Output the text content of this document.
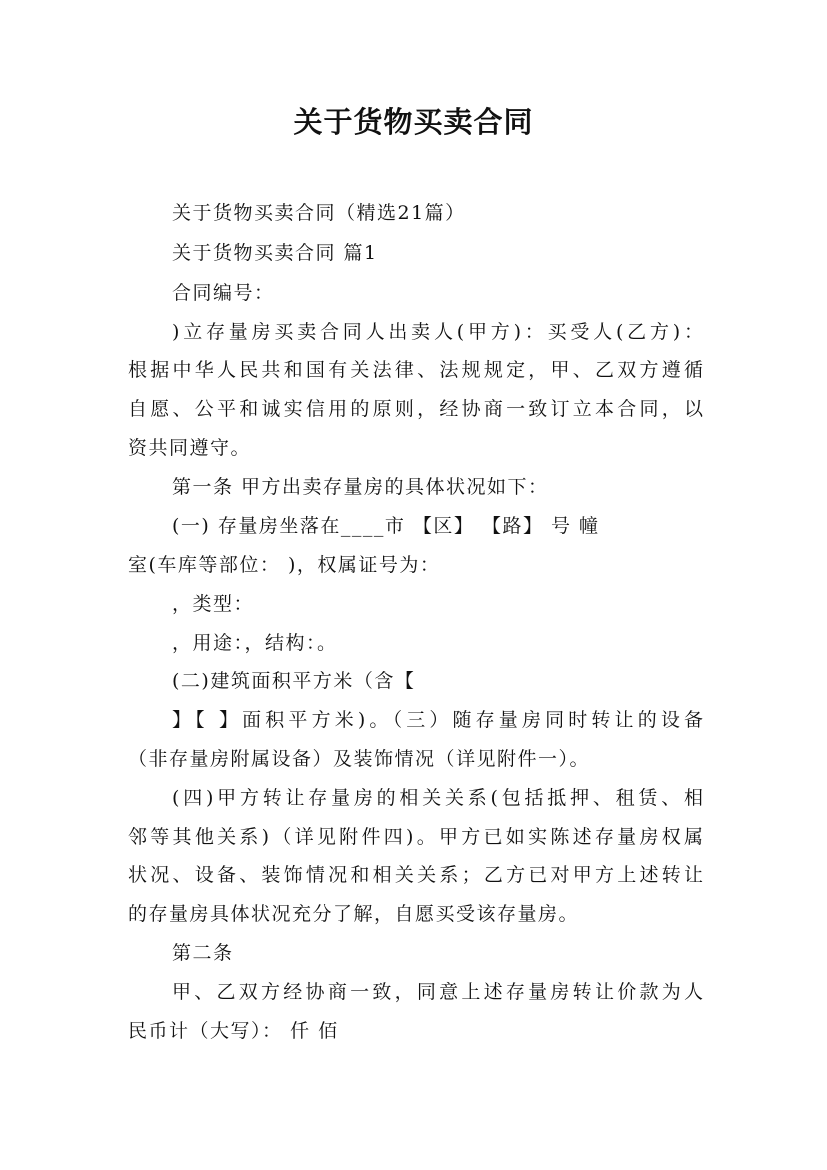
关于货物买卖合同
关于货物买卖合同（精选21篇）
关于货物买卖合同 篇1
合同编号：
)立存量房买卖合同人出卖人(甲方)：买受人(乙方)：
根据中华人民共和国有关法律、法规规定，甲、乙双方遵循
自愿、公平和诚实信用的原则，经协商一致订立本合同，以
资共同遵守。
第一条 甲方出卖存量房的具体状况如下：
(一) 存量房坐落在____市 【区】 【路】 号 幢
室(车库等部位： )，权属证号为：
，类型：
，用途：，结构：。
(二)建筑面积平方米（含【
】【 】面积平方米)。（三）随存量房同时转让的设备
（非存量房附属设备）及装饰情况（详见附件一）。
(四)甲方转让存量房的相关关系(包括抵押、租赁、相
邻等其他关系)（详见附件四)。甲方已如实陈述存量房权属
状况、设备、装饰情况和相关关系；乙方已对甲方上述转让
的存量房具体状况充分了解，自愿买受该存量房。
第二条
甲、乙双方经协商一致，同意上述存量房转让价款为人
民币计（大写）： 仟 佰
